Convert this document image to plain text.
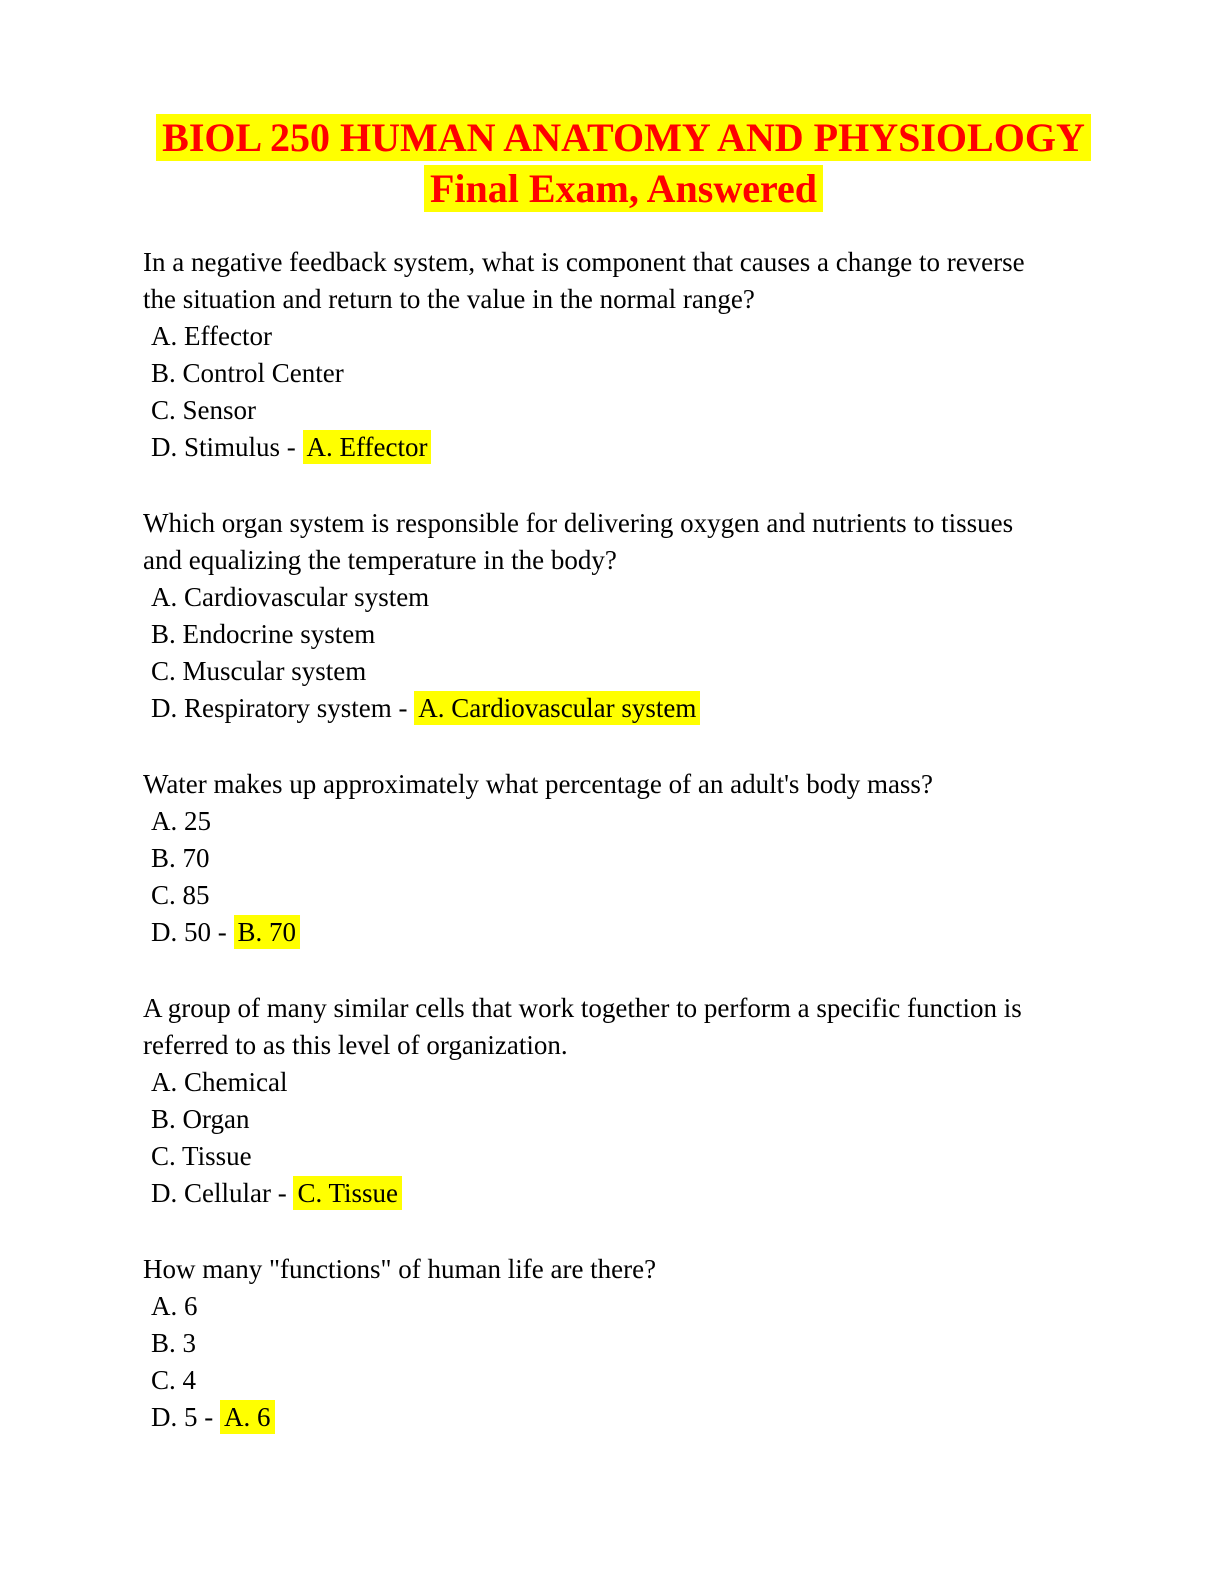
BIOL 250 HUMAN ANATOMY AND PHYSIOLOGY
Final Exam, Answered
In a negative feedback system, what is component that causes a change to reverse
the situation and return to the value in the normal range?
A. Effector
B. Control Center
C. Sensor
D. Stimulus - A. Effector
Which organ system is responsible for delivering oxygen and nutrients to tissues
and equalizing the temperature in the body?
A. Cardiovascular system
B. Endocrine system
C. Muscular system
D. Respiratory system - A. Cardiovascular system
Water makes up approximately what percentage of an adult's body mass?
A. 25
B. 70
C. 85
D. 50 - B. 70
A group of many similar cells that work together to perform a specific function is
referred to as this level of organization.
A. Chemical
B. Organ
C. Tissue
D. Cellular - C. Tissue
How many "functions" of human life are there?
A. 6
B. 3
C. 4
D. 5 - A. 6
